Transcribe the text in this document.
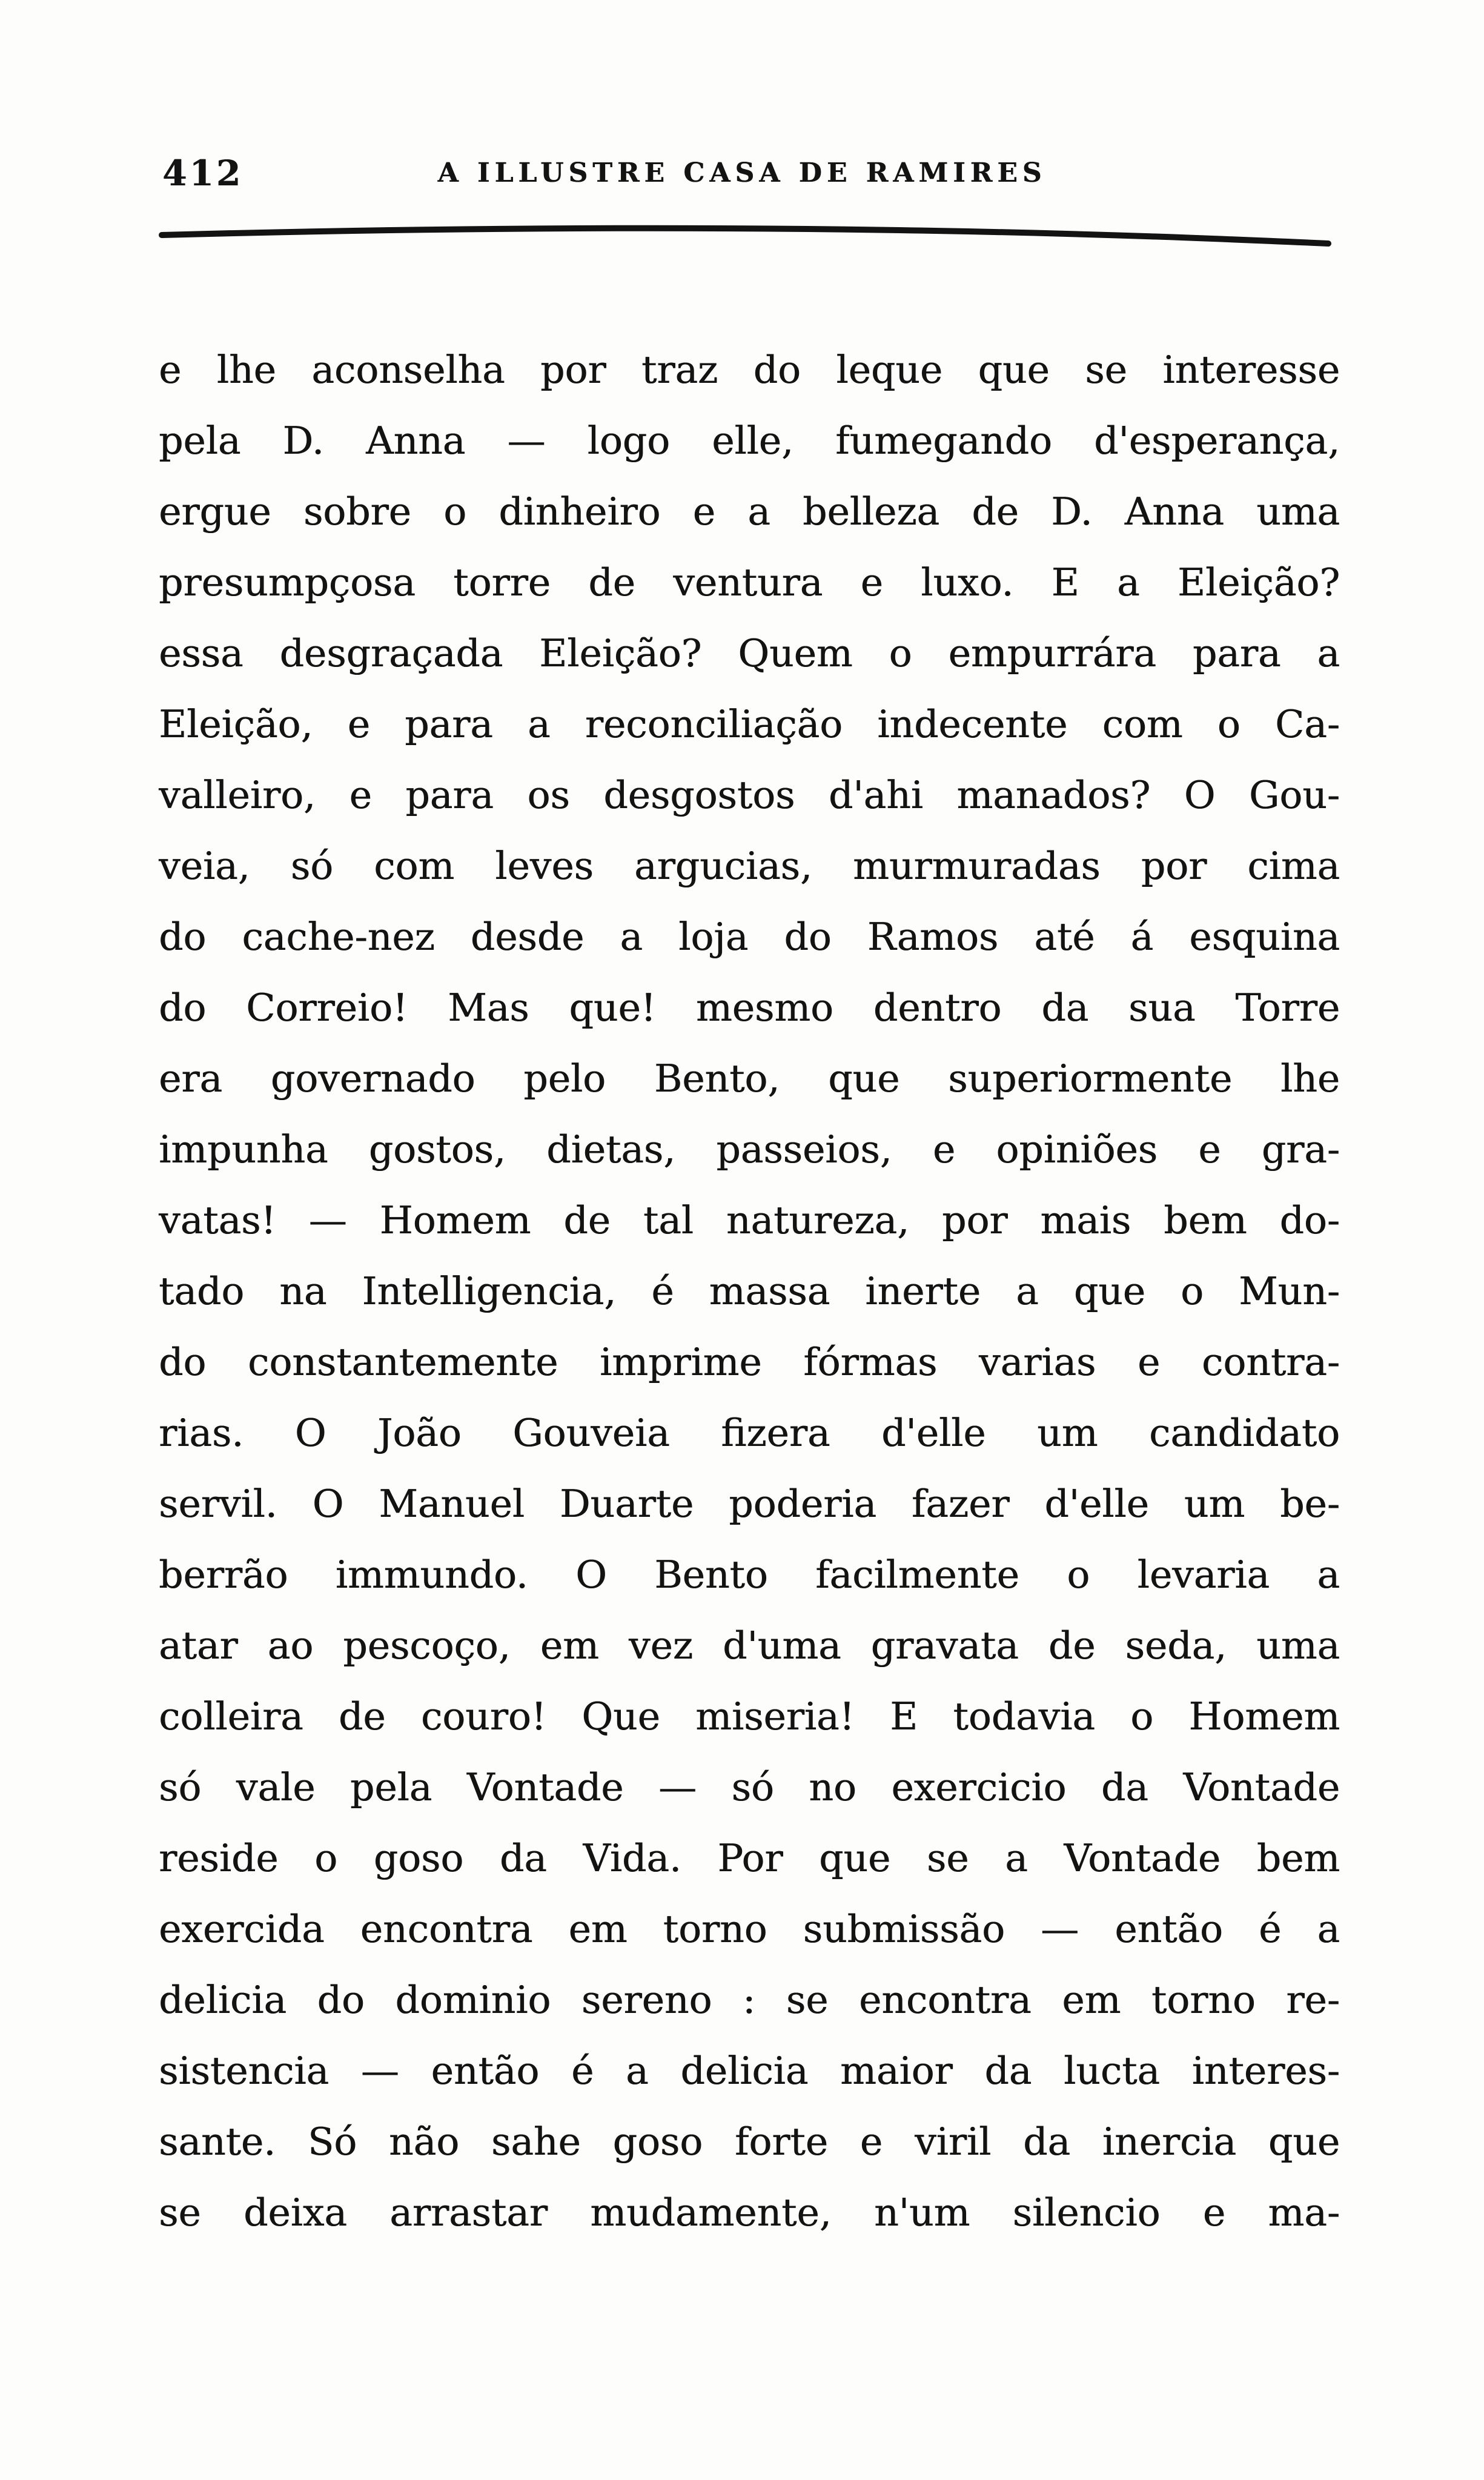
412	A ILLUSTRE CASA DE RAMIRES
e lhe aconselha por traz do leque que se interesse
pela D. Anna — logo elle, fumegando d'esperança,
ergue sobre o dinheiro e a belleza de D. Anna uma
presumpçosa torre de ventura e luxo. E a Eleição?
essa desgraçada Eleição? Quem o empurrára para a
Eleição, e para a reconciliação indecente com o Ca-
valleiro, e para os desgostos d'ahi manados? O Gou-
veia, só com leves argucias, murmuradas por cima
do cache-nez desde a loja do Ramos até á esquina
do Correio! Mas que! mesmo dentro da sua Torre
era governado pelo Bento, que superiormente lhe
impunha gostos, dietas, passeios, e opiniões e gra-
vatas! — Homem de tal natureza, por mais bem do-
tado na Intelligencia, é massa inerte a que o Mun-
do constantemente imprime fórmas varias e contra-
rias. O João Gouveia fizera d'elle um candidato
servil. O Manuel Duarte poderia fazer d'elle um be-
berrão immundo. O Bento facilmente o levaria a
atar ao pescoço, em vez d'uma gravata de seda, uma
colleira de couro! Que miseria! E todavia o Homem
só vale pela Vontade — só no exercicio da Vontade
reside o goso da Vida. Por que se a Vontade bem
exercida encontra em torno submissão — então é a
delicia do dominio sereno : se encontra em torno re-
sistencia — então é a delicia maior da lucta interes-
sante. Só não sahe goso forte e viril da inercia que
se deixa arrastar mudamente, n'um silencio e ma-
